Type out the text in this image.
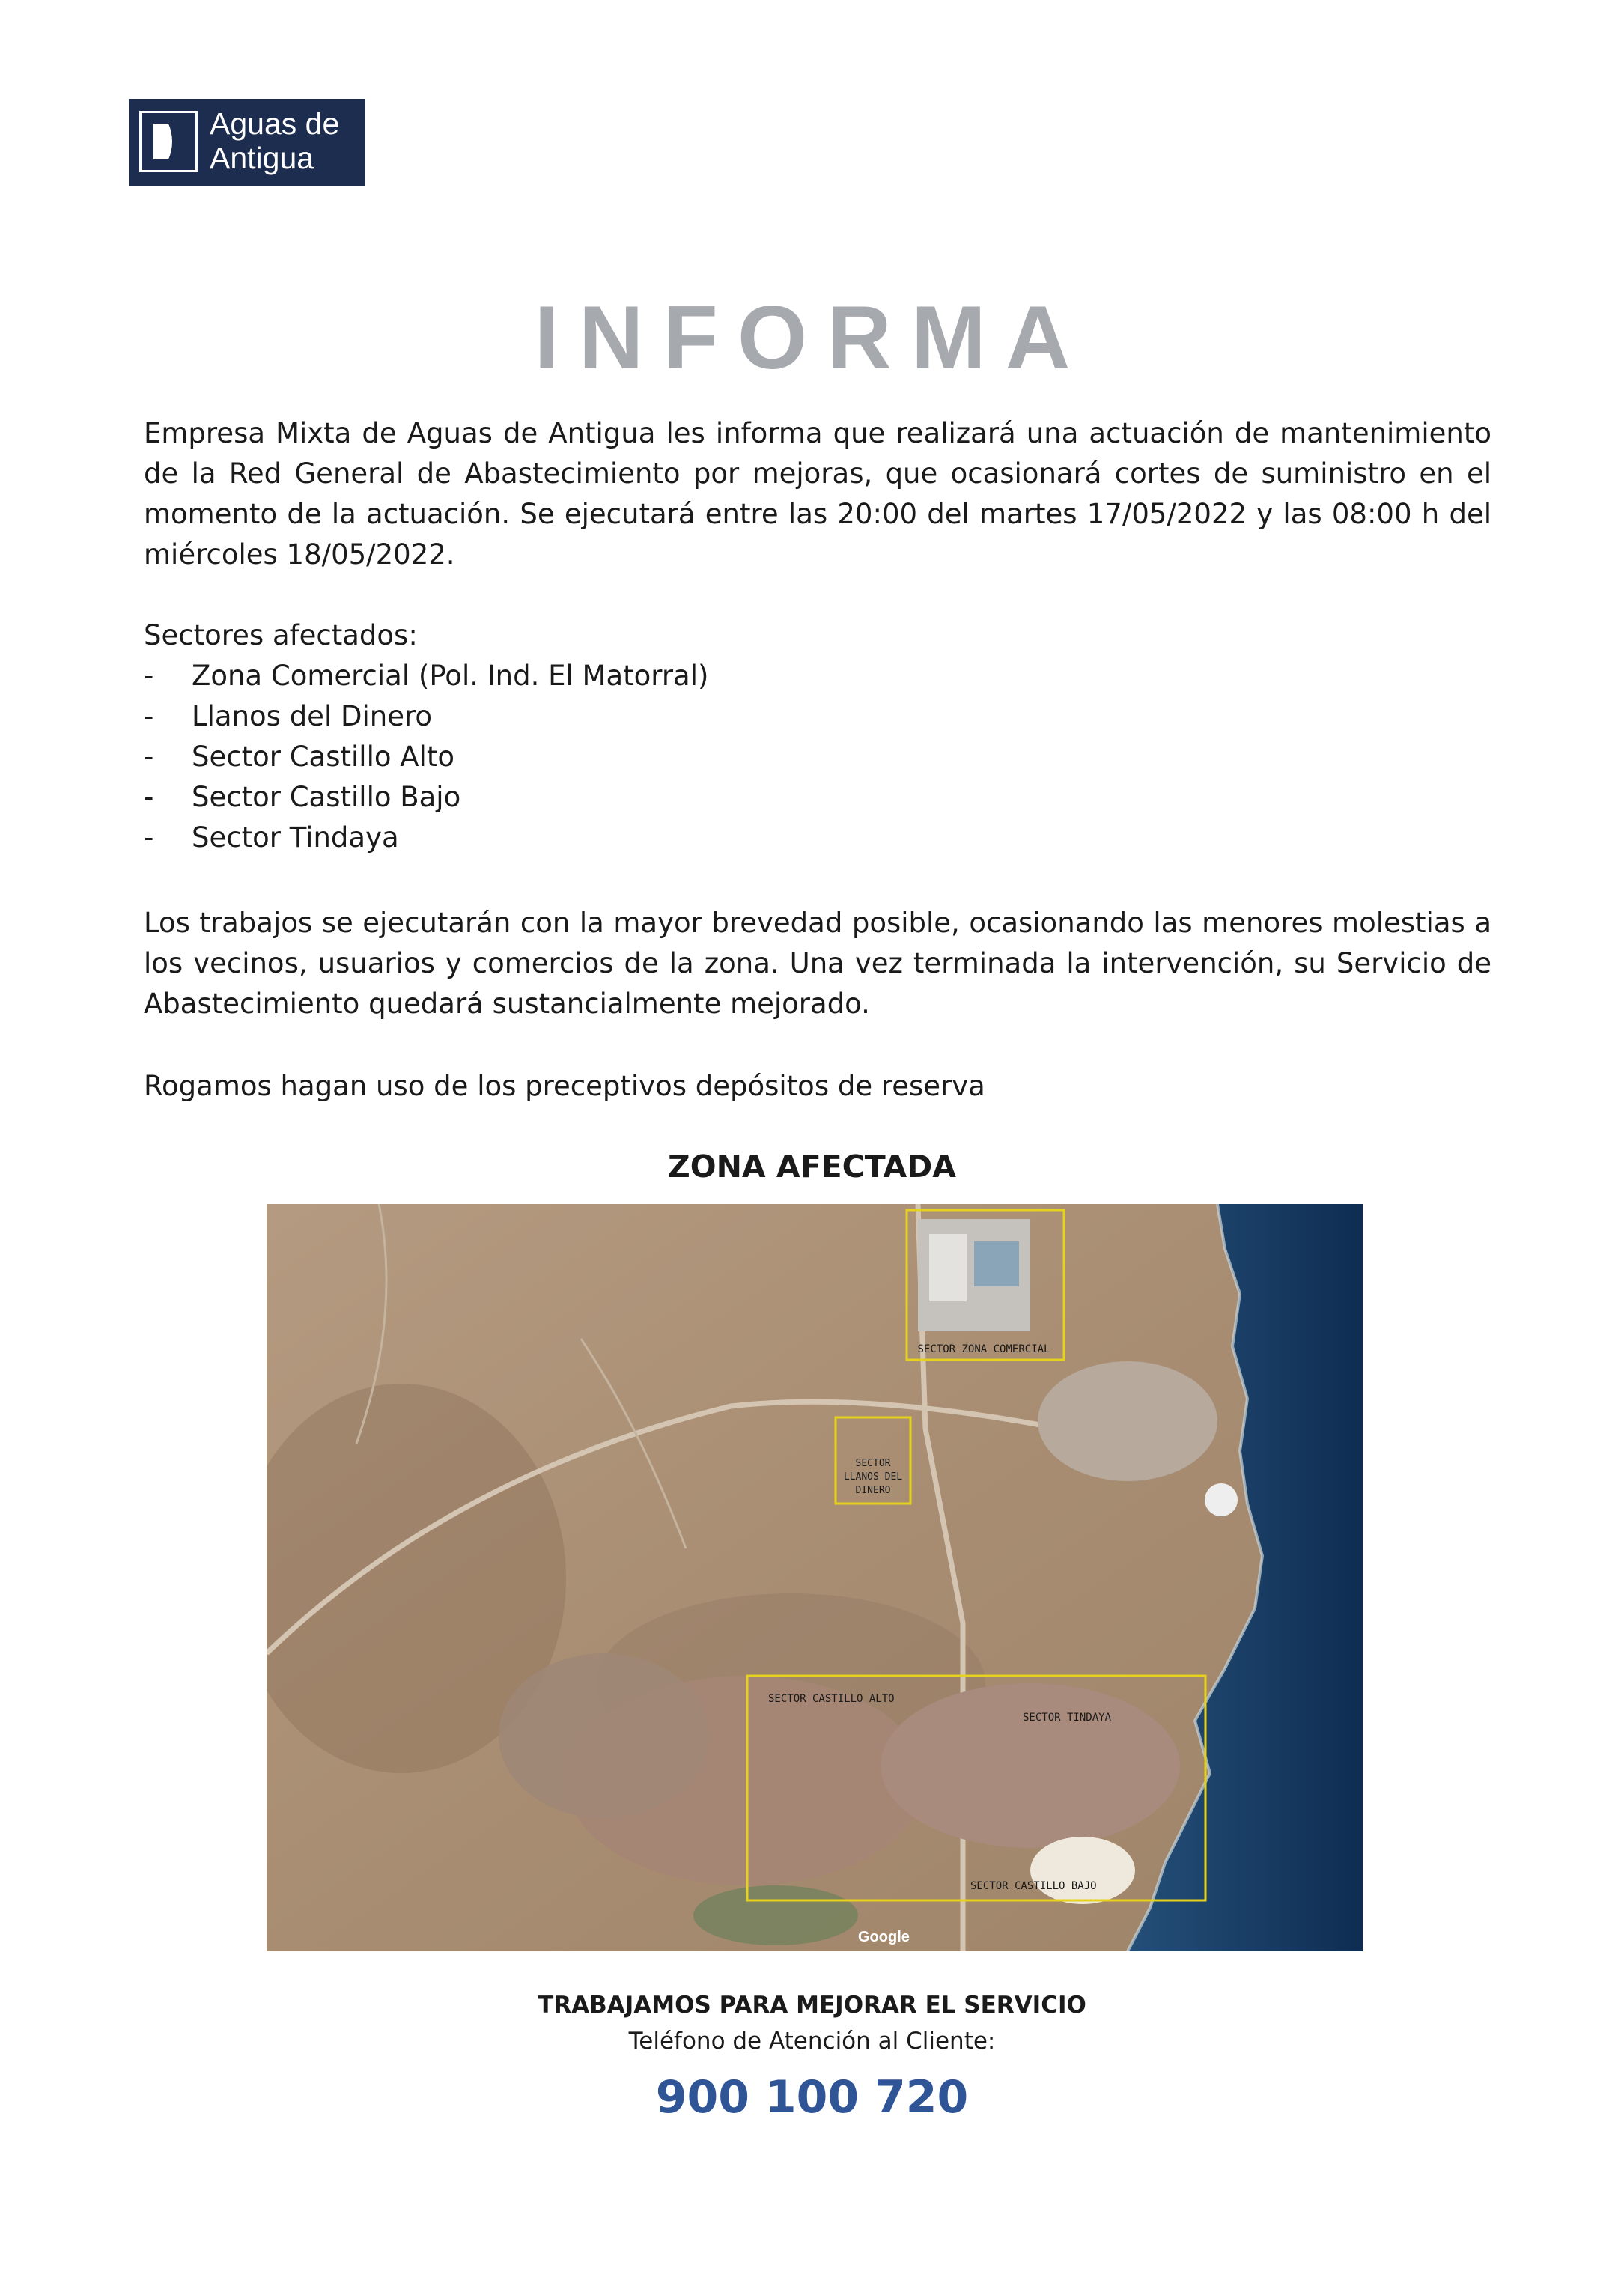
Aguas de
Antigua
INFORMA
Empresa Mixta de Aguas de Antigua les informa que realizará una actuación de mantenimiento de la Red General de Abastecimiento por mejoras, que ocasionará cortes de suministro en el momento de la actuación. Se ejecutará entre las 20:00 del martes 17/05/2022 y las 08:00 h del miércoles 18/05/2022.
Sectores afectados:
- Zona Comercial (Pol. Ind. El Matorral)
- Llanos del Dinero
- Sector Castillo Alto
- Sector Castillo Bajo
- Sector Tindaya
Los trabajos se ejecutarán con la mayor brevedad posible, ocasionando las menores molestias a los vecinos, usuarios y comercios de la zona. Una vez terminada la intervención, su Servicio de Abastecimiento quedará sustancialmente mejorado.
Rogamos hagan uso de los preceptivos depósitos de reserva
ZONA AFECTADA
SECTOR ZONA COMERCIAL
SECTOR
LLANOS DEL
DINERO
SECTOR CASTILLO ALTO
SECTOR TINDAYA
SECTOR CASTILLO BAJO
Google
TRABAJAMOS PARA MEJORAR EL SERVICIO
Teléfono de Atención al Cliente:
900 100 720
